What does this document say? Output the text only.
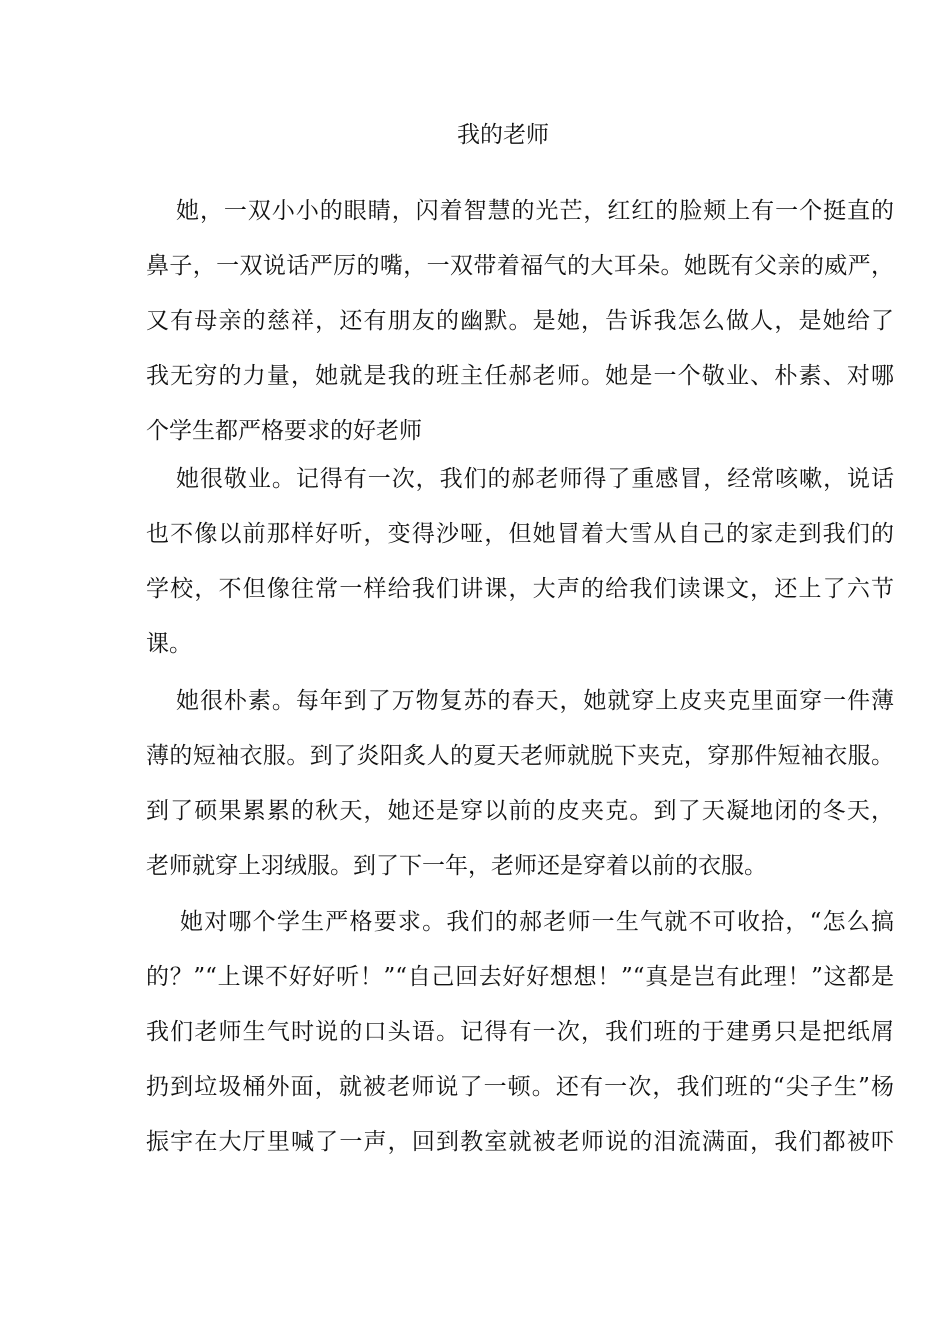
我的老师
她，一双小小的眼睛，闪着智慧的光芒，红红的脸颊上有一个挺直的
鼻子，一双说话严厉的嘴，一双带着福气的大耳朵。她既有父亲的威严，
又有母亲的慈祥，还有朋友的幽默。是她，告诉我怎么做人，是她给了
我无穷的力量，她就是我的班主任郝老师。她是一个敬业、朴素、对哪
个学生都严格要求的好老师
她很敬业。记得有一次，我们的郝老师得了重感冒，经常咳嗽，说话
也不像以前那样好听，变得沙哑，但她冒着大雪从自己的家走到我们的
学校，不但像往常一样给我们讲课，大声的给我们读课文，还上了六节
课。
她很朴素。每年到了万物复苏的春天，她就穿上皮夹克里面穿一件薄
薄的短袖衣服。到了炎阳炙人的夏天老师就脱下夹克，穿那件短袖衣服。
到了硕果累累的秋天，她还是穿以前的皮夹克。到了天凝地闭的冬天，
老师就穿上羽绒服。到了下一年，老师还是穿着以前的衣服。
她对哪个学生严格要求。我们的郝老师一生气就不可收拾，“怎么搞
的？”“上课不好好听！”“自己回去好好想想！”“真是岂有此理！”这都是
我们老师生气时说的口头语。记得有一次，我们班的于建勇只是把纸屑
扔到垃圾桶外面，就被老师说了一顿。还有一次，我们班的“尖子生”杨
振宇在大厅里喊了一声，回到教室就被老师说的泪流满面，我们都被吓
